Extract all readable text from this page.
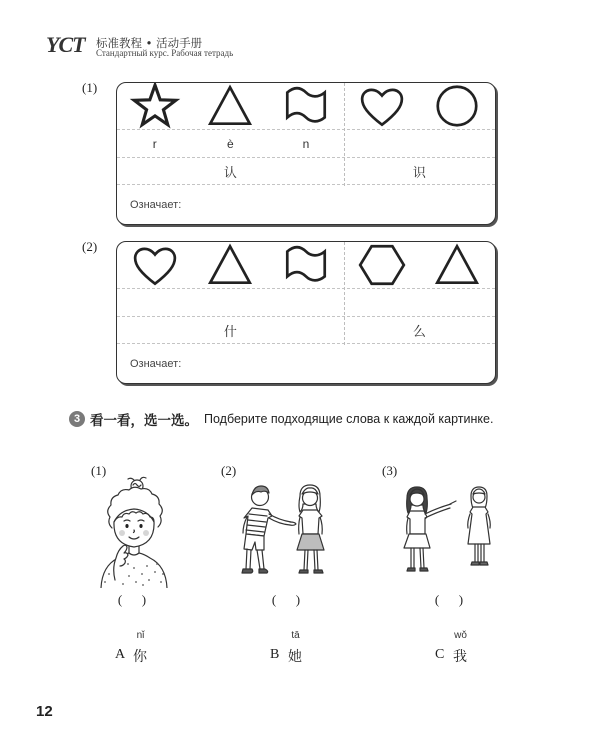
YCT 标准教程 • 活动手册
Стандартный курс. Рабочая тетрадь
(1)
r	è	n
认	识
Означает:
(2)
什	么
Означает:
3 看一看，选一选。 Подберите подходящие слова к каждой картинке.
(1)	(2)	(3)
(      )	(      )	(      )
nǐ
A 你
tā
B 她
wǒ
C 我
12
